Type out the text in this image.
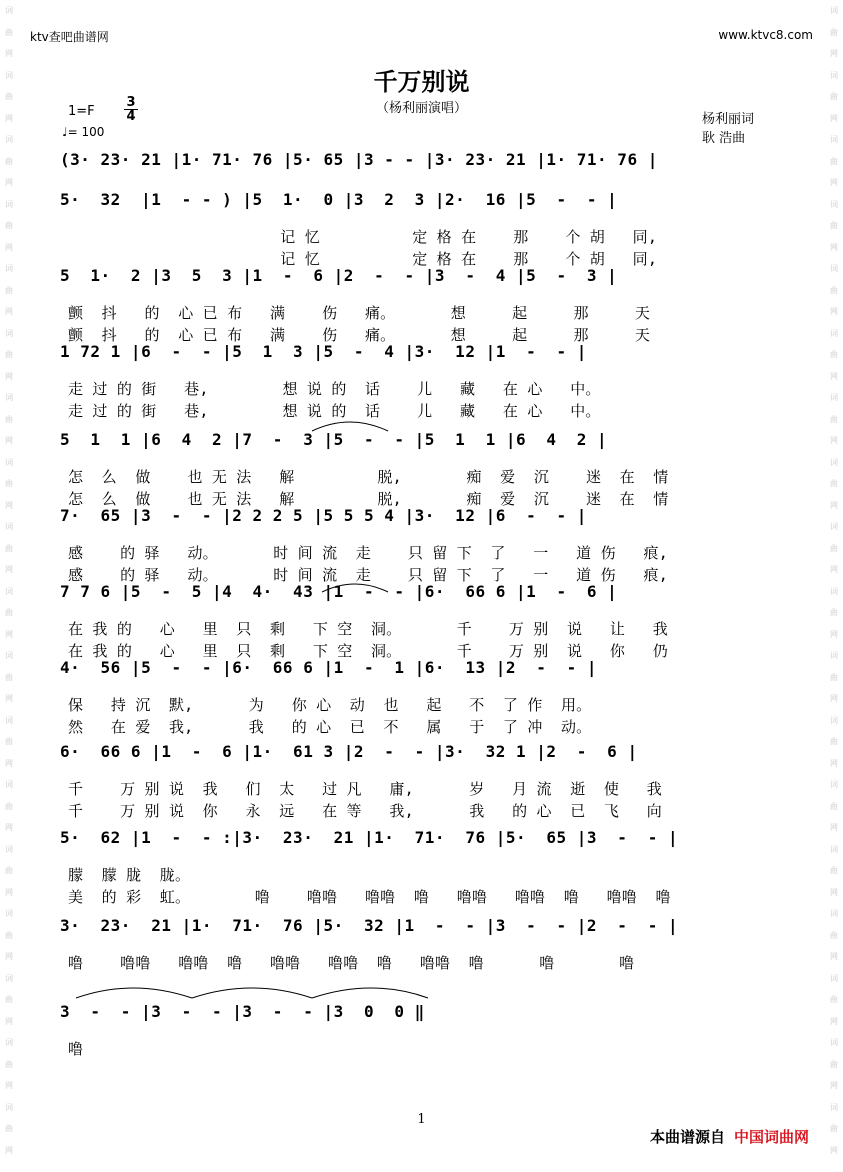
词
曲
网
词
曲
网
词
曲
网
词
曲
网
词
曲
网
词
曲
网
词
曲
网
词
曲
网
词
曲
网
词
曲
网
词
曲
网
词
曲
网
词
曲
网
词
曲
网
词
曲
网
词
曲
网
词
曲
网
词
曲
网
词
曲
网
词
曲
网
词
曲
网
词
曲
网
词
曲
网
词
曲
网
词
曲
网
词
曲
网
词
曲
网
词
曲
网
词
曲
网
词
曲
网
词
曲
网
词
曲
网
词
曲
网
词
曲
网
词
曲
网
词
曲
网
ktv查吧曲谱网	www.ktvc8.com
千万别说
（杨利丽演唱）
$1=F \frac{3}{4}$
♩= 100
杨利丽词
耿 浩曲
(3· 23· 21 |1· 71· 76 |5· 65 |3 - - |3· 23· 21 |1· 71· 76 |
5·  32  |1  - - ) |5  1·  0 |3  2  3 |2·  16 |5  -  - |
记 忆          定 格 在    那    个 胡   同,
记 忆          定 格 在    那    个 胡   同,
5  1·  2 |3  5  3 |1  -  6 |2  -  - |3  -  4 |5  -  3 |
颤  抖   的  心 已 布   满    伤   痛。      想     起     那     天
颤  抖   的  心 已 布   满    伤   痛。      想     起     那     天
1 72 1 |6  -  - |5  1  3 |5  -  4 |3·  12 |1  -  - |
走 过 的 街   巷,        想 说 的  话    儿   藏   在 心   中。
走 过 的 街   巷,        想 说 的  话    儿   藏   在 心   中。
5  1  1 |6  4  2 |7  -  3 |5  -  - |5  1  1 |6  4  2 |
怎  么  做    也 无 法   解         脱,       痴  爱  沉    迷  在  情
怎  么  做    也 无 法   解         脱,       痴  爱  沉    迷  在  情
7·  65 |3  -  - |2 2 2 5 |5 5 5 4 |3·  12 |6  -  - |
感    的 驿   动。      时 间 流  走    只 留 下  了   一   道 伤   痕,
感    的 驿   动。      时 间 流  走    只 留 下  了   一   道 伤   痕,
7 7 6 |5  -  5 |4  4·  43 |1  -  - |6·  66 6 |1  -  6 |
在 我 的   心   里  只  剩   下 空  洞。      千    万 别  说   让   我
在 我 的   心   里  只  剩   下 空  洞。      千    万 别  说   你   仍
4·  56 |5  -  - |6·  66 6 |1  -  1 |6·  13 |2  -  - |
保   持 沉  默,      为   你 心  动  也   起   不  了 作  用。
然   在 爱  我,      我   的 心  已  不   属   于  了 冲  动。
6·  66 6 |1  -  6 |1·  61 3 |2  -  - |3·  32 1 |2  -  6 |
千    万 别 说  我   们  太   过 凡   庸,      岁   月 流  逝  使   我
千    万 别 说  你   永  远   在 等   我,      我   的 心  已  飞   向
5·  62 |1  -  - :|3·  23·  21 |1·  71·  76 |5·  65 |3  -  - |
朦  朦 胧  胧。
美  的 彩  虹。       噜    噜噜   噜噜  噜   噜噜   噜噜  噜   噜噜  噜
3·  23·  21 |1·  71·  76 |5·  32 |1  -  - |3  -  - |2  -  - |
噜    噜噜   噜噜  噜   噜噜   噜噜  噜   噜噜  噜      噜       噜
3  -  - |3  -  - |3  -  - |3  0  0 ‖
噜
1
本曲谱源自 中国词曲网
